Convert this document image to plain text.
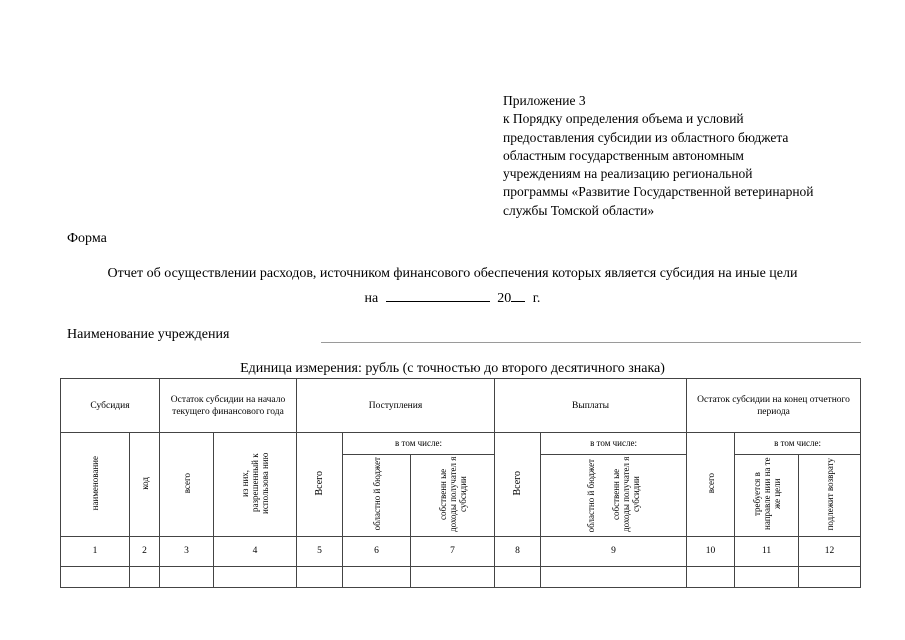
Приложение 3
к Порядку определения объема и условий
предоставления субсидии из областного бюджета
областным государственным автономным
учреждениям на реализацию региональной
программы «Развитие Государственной ветеринарной
службы Томской области»
Форма
Отчет об осуществлении расходов, источником финансового обеспечения которых является субсидия на иные цели
на	20 г.
Наименование учреждения
Единица измерения: рубль (с точностью до второго десятичного знака)
Субсидия		Остаток субсидии на начало текущего финансового года		Поступления			Выплаты		Остаток субсидии на конец отчетного периода		

наименование	код	всего	из них, разрешенный к использова нию	Всего	в том числе:		Всего	в том числе:	всего	в том числе:	
					областно й бюджет	собственн ые доходы получател я субсидии		областно й бюджет собственн ые доходы получател я субсидии		требуется в направле нии на те же цели	подлежит возврату
1	2	3	4	5	6	7	8	9	10	11	12
